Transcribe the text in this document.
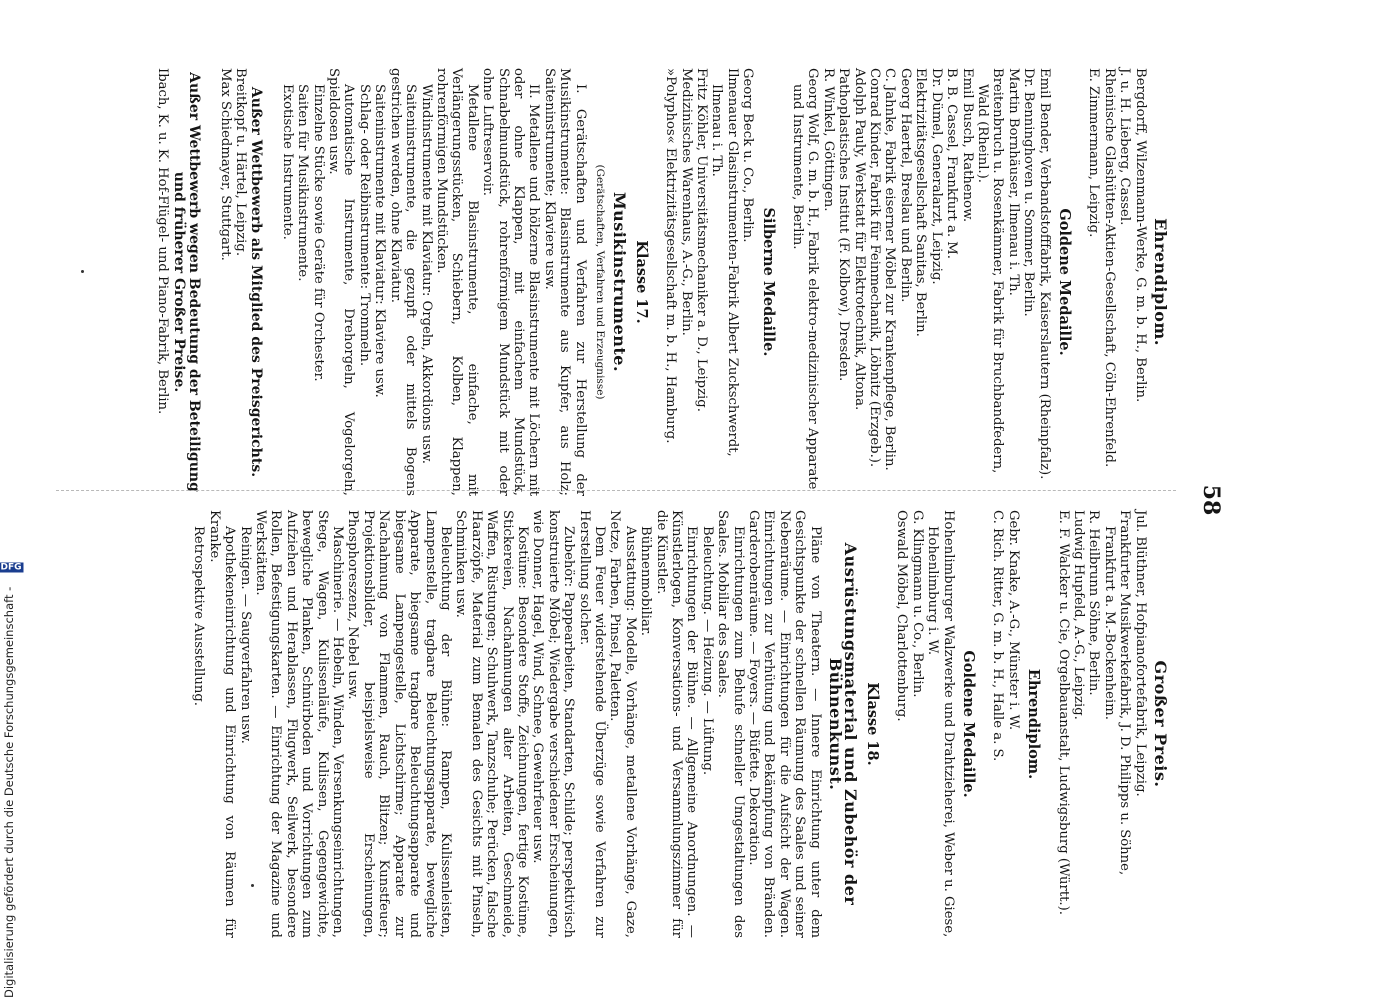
58
Ehrendiplom.
Bergdorff, Wilzenmann-Werke, G. m. b. H., Berlin.
J. u. H. Lieberg, Cassel.
Rheinische Glashütten-Aktien-Gesellschaft, Cöln-Ehrenfeld.
E. Zimmermann, Leipzig.
Goldene Medaille.
Emil Bender, Verbandstofffabrik, Kaiserslautern (Rheinpfalz).
Dr. Benninghoven u. Sommer, Berlin.
Martin Bornhäuser, Ilmenau i. Th.
Breitenbruch u. Rosenkämmer, Fabrik für Bruchbandfedern, Wald (Rheinl.).
Emil Busch, Rathenow.
B. B. Cassel, Frankfurt a. M.
Dr. Dümel, Generalarzt, Leipzig.
Elektrizitätsgesellschaft Sanitas, Berlin.
Georg Haertel, Breslau und Berlin.
C. Jahnke, Fabrik eiserner Möbel zur Krankenpflege, Berlin.
Conrad Kinder, Fabrik für Feinmechanik, Löbnitz (Erzgeb.).
Adolph Pauly, Werkstatt für Elektrotechnik, Altona.
Pathoplastisches Institut (F. Kolbow), Dresden.
R. Winkel, Göttingen.
Georg Wolf, G. m. b. H., Fabrik elektro-medizinischer Apparate und Instrumente, Berlin.
Silberne Medaille.
Georg Beck u. Co., Berlin.
Ilmenauer Glasinstrumenten-Fabrik Albert Zuckschwerdt, Ilmenau i. Th.
Fritz Köhler, Universitätsmechaniker a. D., Leipzig.
Medizinisches Warenhaus, A.-G., Berlin.
»Polyphos« Elektrizitätsgesellschaft m. b. H., Hamburg.
Klasse 17.
Musikinstrumente.
(Gerätschaften, Verfahren und Erzeugnisse)
I. Gerätschaften und Verfahren zur Herstellung der Musikinstrumente: Blasinstrumente aus Kupfer, aus Holz; Saiteninstrumente; Klaviere usw.
II. Metallene und hölzerne Blasinstrumente mit Löchern mit oder ohne Klappen, mit einfachem Mundstück, Schnabelmundstück, rohrenförmigem Mundstück mit oder ohne Luftreservoir.
Metallene Blasinstrumente, einfache, mit Verlängerungsstücken, Schiebern, Kolben, Klappen, rohrenförmigen Mundstücken.
Windinstrumente mit Klaviatur: Orgeln, Akkordions usw.
Saiteninstrumente, die gezupft oder mittels Bogens gestrichen werden, ohne Klaviatur.
Saiteninstrumente mit Klaviatur: Klaviere usw.
Schlag- oder Reibinstrumente: Trommeln.
Automatische Instrumente, Drehorgeln, Vogelorgeln, Spieldosen usw.
Einzelne Stücke sowie Geräte für Orchester.
Saiten für Musikinstrumente.
Exotische Instrumente.
Außer Wettbewerb als Mitglied des Preisgerichts.
Breitkopf u. Härtel, Leipzig.
Max Schiedmayer, Stuttgart.
Außer Wettbewerb wegen Bedeutung der Beteiligung und früherer Großer Preise.
Ibach, K. u. K. Hof-Flügel- und Piano-Fabrik, Berlin.
Großer Preis.
Jul. Blüthner, Hofpianofortefabrik, Leipzig.
Frankfurter Musikwerkefabrik, J. D. Philipps u. Söhne, Frankfurt a. M.-Bockenheim.
R. Heilbrunn Söhne, Berlin.
Ludwig Hupfeld, A.-G., Leipzig.
E. F. Walcker u. Cie, Orgelbauanstalt, Ludwigsburg (Württ.).
Ehrendiplom.
Gebr. Knake, A.-G., Münster i. W.
C. Rich. Ritter, G. m. b. H., Halle a. S.
Goldene Medaille.
Hohenlimburger Walzwerke und Drahtzieherei, Weber u. Giese, Hohenlimburg i. W.
G. Klingmann u. Co., Berlin.
Oswald Möbel, Charlottenburg.
Klasse 18.
Ausrüstungsmaterial und Zubehör der Bühnenkunst.
Pläne von Theatern. — Innere Einrichtung unter dem Gesichtspunkte der schnellen Räumung des Saales und seiner Nebenräume. — Einrichtungen für die Aufsicht der Wagen. Einrichtungen zur Verhütung und Bekämpfung von Bränden. Garderobenräume. — Foyers. — Büfette. Dekoration.
Einrichtungen zum Behufe schneller Umgestaltungen des Saales. Mobiliar des Saales.
Beleuchtung. — Heizung. — Lüftung.
Einrichtungen der Bühne. — Allgemeine Anordnungen. — Künstlerlogen, Konversations- und Versammlungszimmer für die Künstler.
Bühnenmobiliar.
Ausstattung: Modelle, Vorhänge, metallene Vorhänge, Gaze, Netze, Farben, Pinsel, Paletten.
Dem Feuer widerstehende Überzüge sowie Verfahren zur Herstellung solcher.
Zubehör: Pappearbeiten, Standarten, Schilde; perspektivisch konstruierte Möbel; Wiedergabe verschiedener Erscheinungen, wie Donner, Hagel, Wind, Schnee, Gewehrfeuer usw.
Kostüme: Besondere Stoffe, Zeichnungen, fertige Kostüme, Stickereien, Nachahmungen alter Arbeiten, Geschmeide, Waffen, Rüstungen; Schuhwerk, Tanzschuhe; Perücken, falsche Haarzöpfe, Material zum Bemalen des Gesichts mit Pinseln, Schminken usw.
Beleuchtung der Bühne: Rampen, Kulissenleisten, Lampenstelle, tragbare Beleuchtungsapparate, bewegliche Apparate, biegsame tragbare Beleuchtungsapparate und biegsame Lampengestelle, Lichtschirme; Apparate zur Nachahmung von Flammen, Rauch, Blitzen; Kunstfeuer; Projektionsbilder, beispielsweise Erscheinungen, Phosphoreszenz, Nebel usw.
Maschinerie. — Hebeln, Winden, Versenkungseinrichtungen, Stege, Wagen, Kulissenläufe, Kulissen, Gegengewichte, bewegliche Planken, Schnürboden und Vorrichtungen zum Aufziehen und Herablassen, Flugwerk, Seilwerk, besondere Rollen, Befestigungskarten. — Einrichtung der Magazine und Werkstätten.
Reinigen. — Saugverfahren usw.
Apothekeneinrichtung und Einrichtung von Räumen für Kranke.
Retrospektive Ausstellung.
Digitalisierung gefördert durch die Deutsche Forschungsgemeinschaft - DFG
